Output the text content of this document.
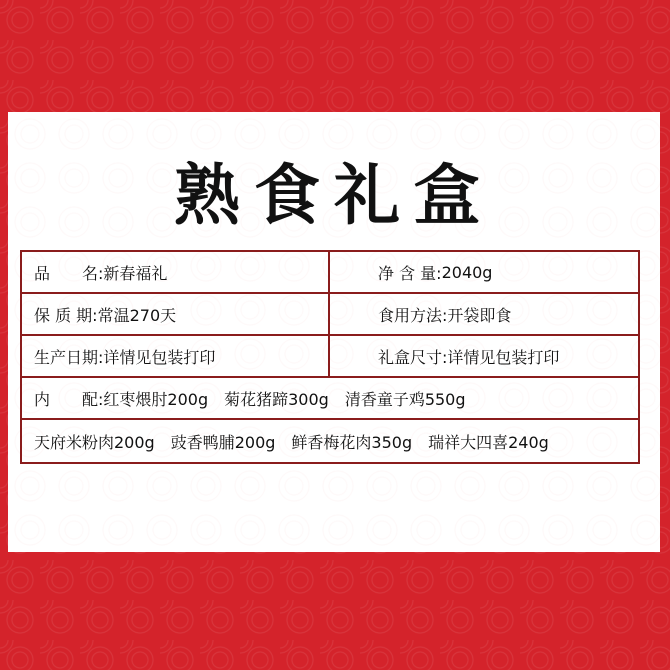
熟食礼盒
品　　名: 新春福礼	净 含 量: 2040g
保 质 期: 常温270天	食用方法: 开袋即食
生产日期: 详情见包装打印	礼盒尺寸: 详情见包装打印
内　　配: 红枣煨肘200g 菊花猪蹄300g 清香童子鸡550g
天府米粉肉200g 豉香鸭脯200g 鲜香梅花肉350g 瑞祥大四喜240g
